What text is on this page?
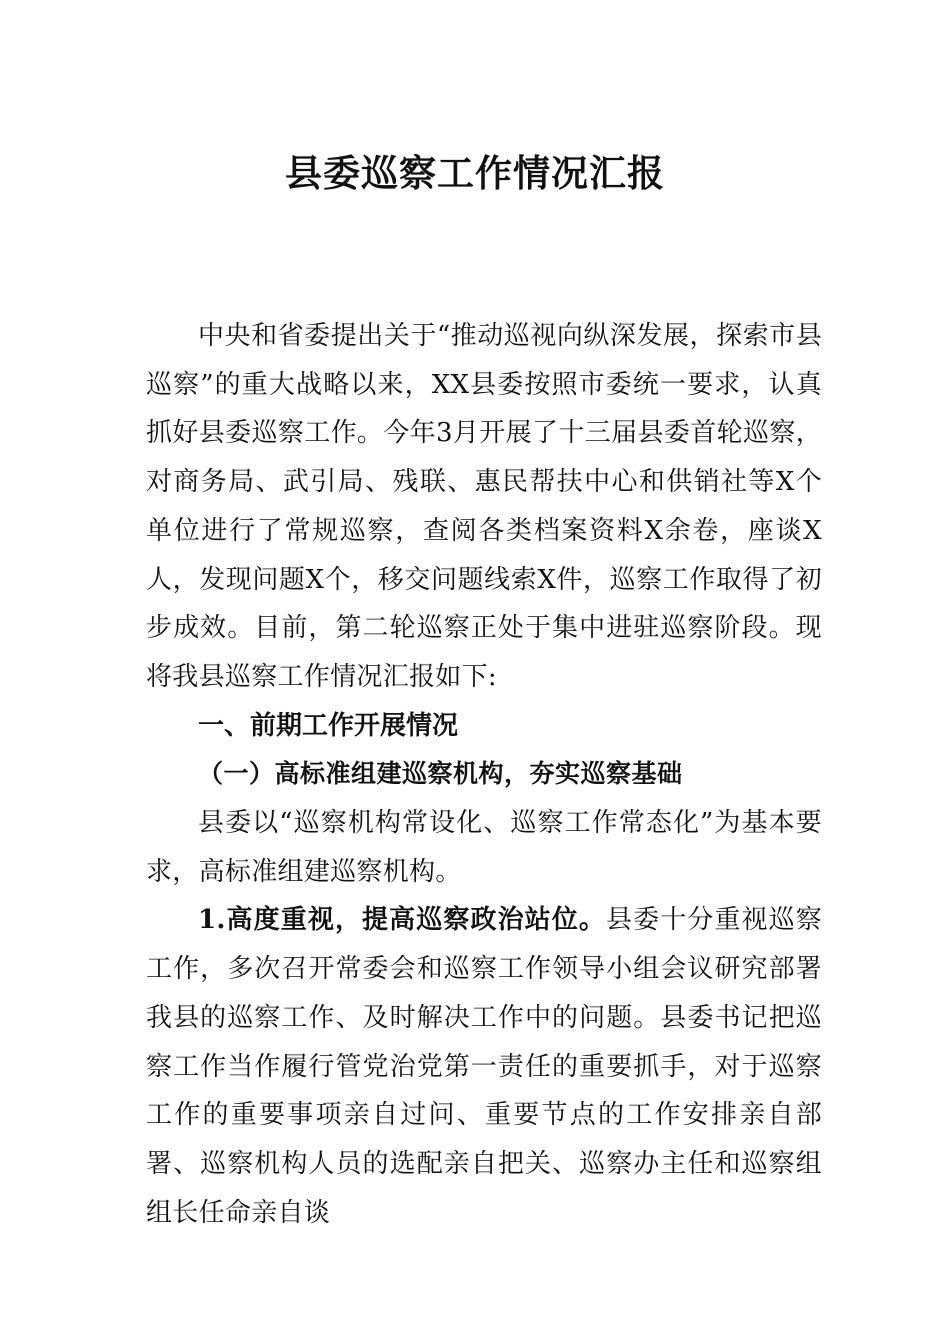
县委巡察工作情况汇报

中央和省委提出关于“推动巡视向纵深发展，探索市县巡察”的重大战略以来，XX县委按照市委统一要求，认真抓好县委巡察工作。今年3月开展了十三届县委首轮巡察，对商务局、武引局、残联、惠民帮扶中心和供销社等X个单位进行了常规巡察，查阅各类档案资料X余卷，座谈X人，发现问题X个，移交问题线索X件，巡察工作取得了初步成效。目前，第二轮巡察正处于集中进驻巡察阶段。现将我县巡察工作情况汇报如下:

一、前期工作开展情况

（一）高标准组建巡察机构，夯实巡察基础

县委以“巡察机构常设化、巡察工作常态化”为基本要求，高标准组建巡察机构。

1.高度重视，提高巡察政治站位。县委十分重视巡察工作，多次召开常委会和巡察工作领导小组会议研究部署我县的巡察工作、及时解决工作中的问题。县委书记把巡察工作当作履行管党治党第一责任的重要抓手，对于巡察工作的重要事项亲自过问、重要节点的工作安排亲自部署、巡察机构人员的选配亲自把关、巡察办主任和巡察组组长任命亲自谈
